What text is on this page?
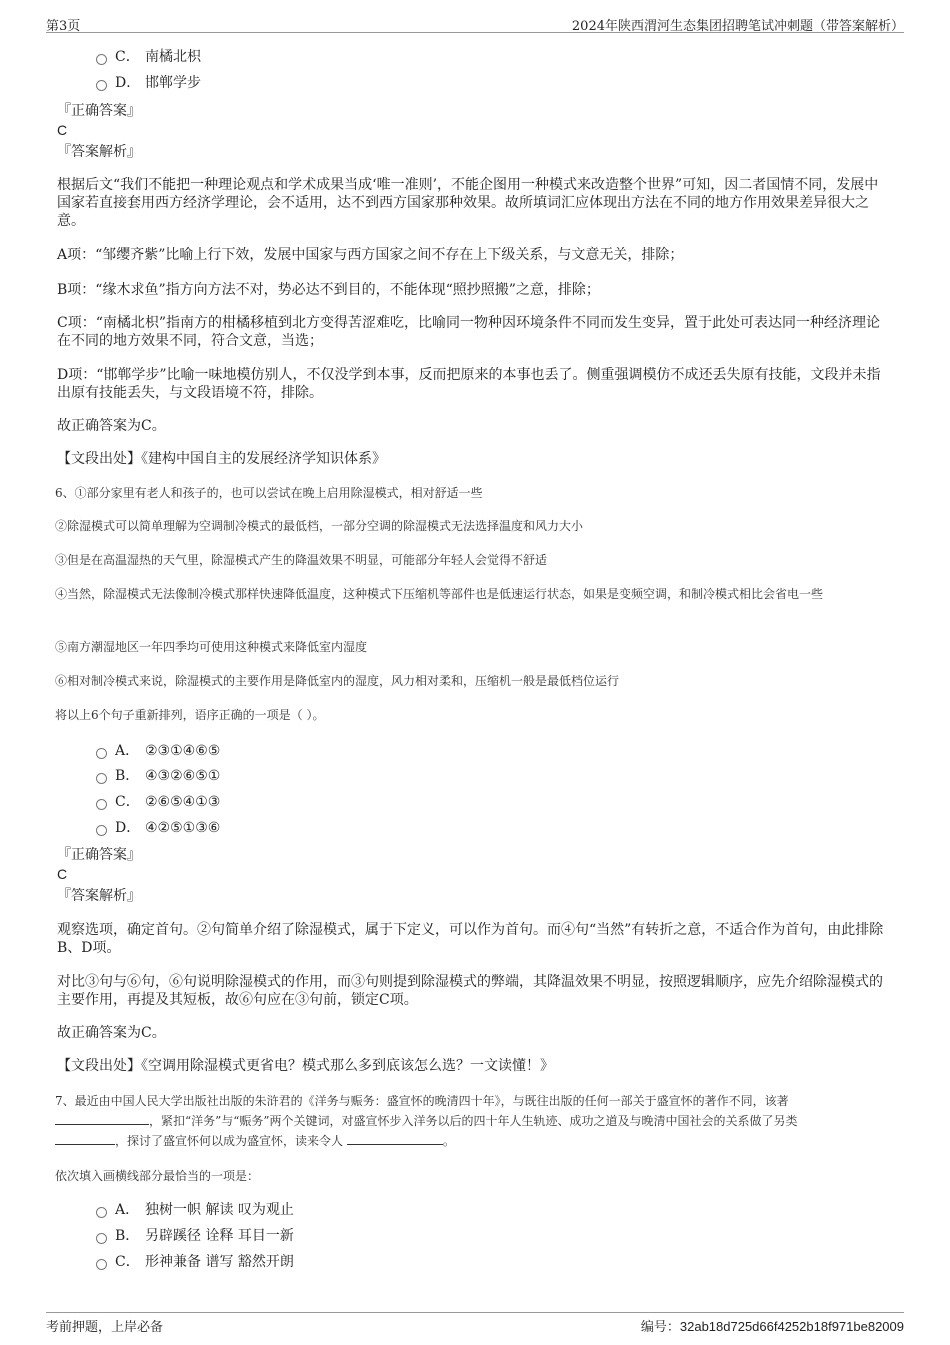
第3页	2024年陕西渭河生态集团招聘笔试冲刺题（带答案解析）
C． 南橘北枳
D． 邯郸学步
『正确答案』
C
『答案解析』
根据后文“我们不能把一种理论观点和学术成果当成‘唯一准则’，不能企图用一种模式来改造整个世界”可知，因二者国情不同，发展中国家若直接套用西方经济学理论，会不适用，达不到西方国家那种效果。故所填词汇应体现出方法在不同的地方作用效果差异很大之意。
A项：“邹缨齐紫”比喻上行下效，发展中国家与西方国家之间不存在上下级关系，与文意无关，排除；
B项：“缘木求鱼”指方向方法不对，势必达不到目的，不能体现“照抄照搬”之意，排除；
C项：“南橘北枳”指南方的柑橘移植到北方变得苦涩难吃，比喻同一物种因环境条件不同而发生变异，置于此处可表达同一种经济理论在不同的地方效果不同，符合文意，当选；
D项：“邯郸学步”比喻一味地模仿别人，不仅没学到本事，反而把原来的本事也丢了。侧重强调模仿不成还丢失原有技能，文段并未指出原有技能丢失，与文段语境不符，排除。
故正确答案为C。
【文段出处】《建构中国自主的发展经济学知识体系》
6、①部分家里有老人和孩子的，也可以尝试在晚上启用除湿模式，相对舒适一些
②除湿模式可以简单理解为空调制冷模式的最低档，一部分空调的除湿模式无法选择温度和风力大小
③但是在高温湿热的天气里，除湿模式产生的降温效果不明显，可能部分年轻人会觉得不舒适
④当然，除湿模式无法像制冷模式那样快速降低温度，这种模式下压缩机等部件也是低速运行状态，如果是变频空调，和制冷模式相比会省电一些
⑤南方潮湿地区一年四季均可使用这种模式来降低室内湿度
⑥相对制冷模式来说，除湿模式的主要作用是降低室内的湿度，风力相对柔和，压缩机一般是最低档位运行
将以上6个句子重新排列，语序正确的一项是（ ）。
A． ②③①④⑥⑤
B． ④③②⑥⑤①
C． ②⑥⑤④①③
D． ④②⑤①③⑥
『正确答案』
C
『答案解析』
观察选项，确定首句。②句简单介绍了除湿模式，属于下定义，可以作为首句。而④句“当然”有转折之意，不适合作为首句，由此排除B、D项。
对比③句与⑥句，⑥句说明除湿模式的作用，而③句则提到除湿模式的弊端，其降温效果不明显，按照逻辑顺序，应先介绍除湿模式的主要作用，再提及其短板，故⑥句应在③句前，锁定C项。
故正确答案为C。
【文段出处】《空调用除湿模式更省电？模式那么多到底该怎么选？一文读懂！》
7、最近由中国人民大学出版社出版的朱浒君的《洋务与赈务：盛宣怀的晚清四十年》，与既往出版的任何一部关于盛宣怀的著作不同，该著
，紧扣“洋务”与“赈务”两个关键词，对盛宣怀步入洋务以后的四十年人生轨迹、成功之道及与晚清中国社会的关系做了另类
，探讨了盛宣怀何以成为盛宣怀，读来令人	。
依次填入画横线部分最恰当的一项是：
A． 独树一帜 解读 叹为观止
B． 另辟蹊径 诠释 耳目一新
C． 形神兼备 谱写 豁然开朗
考前押题，上岸必备	编号：32ab18d725d66f4252b18f971be82009
